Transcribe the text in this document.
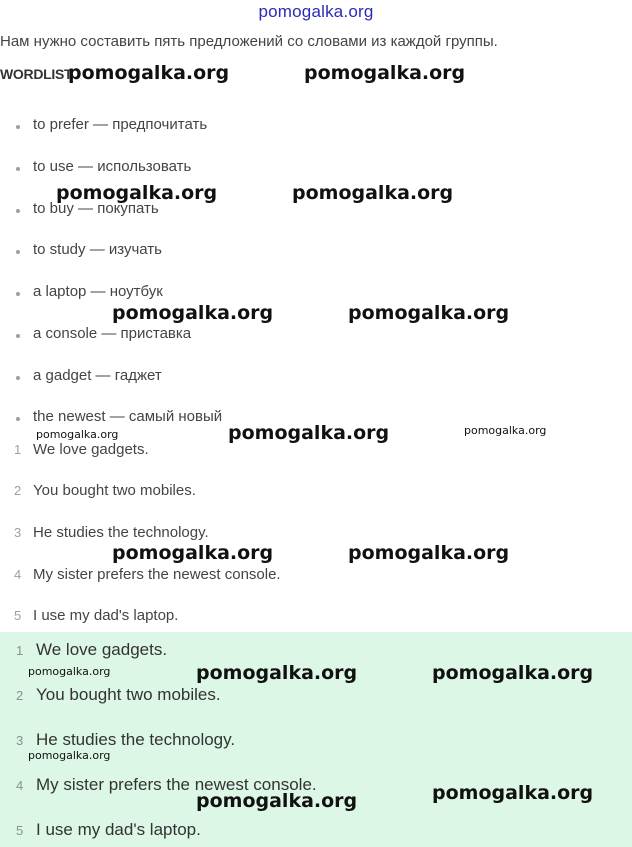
pomogalka.org
Нам нужно составить пять предложений со словами из каждой группы.
WORDLIST
to prefer — предпочитать
to use — использовать
to buy — покупать
to study — изучать
a laptop — ноутбук
a console — приставка
a gadget — гаджет
the newest — самый новый
1 We love gadgets.
2 You bought two mobiles.
3 He studies the technology.
4 My sister prefers the newest console.
5 I use my dad's laptop.
1 We love gadgets.
2 You bought two mobiles.
3 He studies the technology.
4 My sister prefers the newest console.
5 I use my dad's laptop.
pomogalka.org	pomogalka.org
pomogalka.org	pomogalka.org
pomogalka.org	pomogalka.org
pomogalka.org	pomogalka.org	pomogalka.org
pomogalka.org	pomogalka.org
pomogalka.org	pomogalka.org	pomogalka.org
pomogalka.org
pomogalka.org	pomogalka.org
